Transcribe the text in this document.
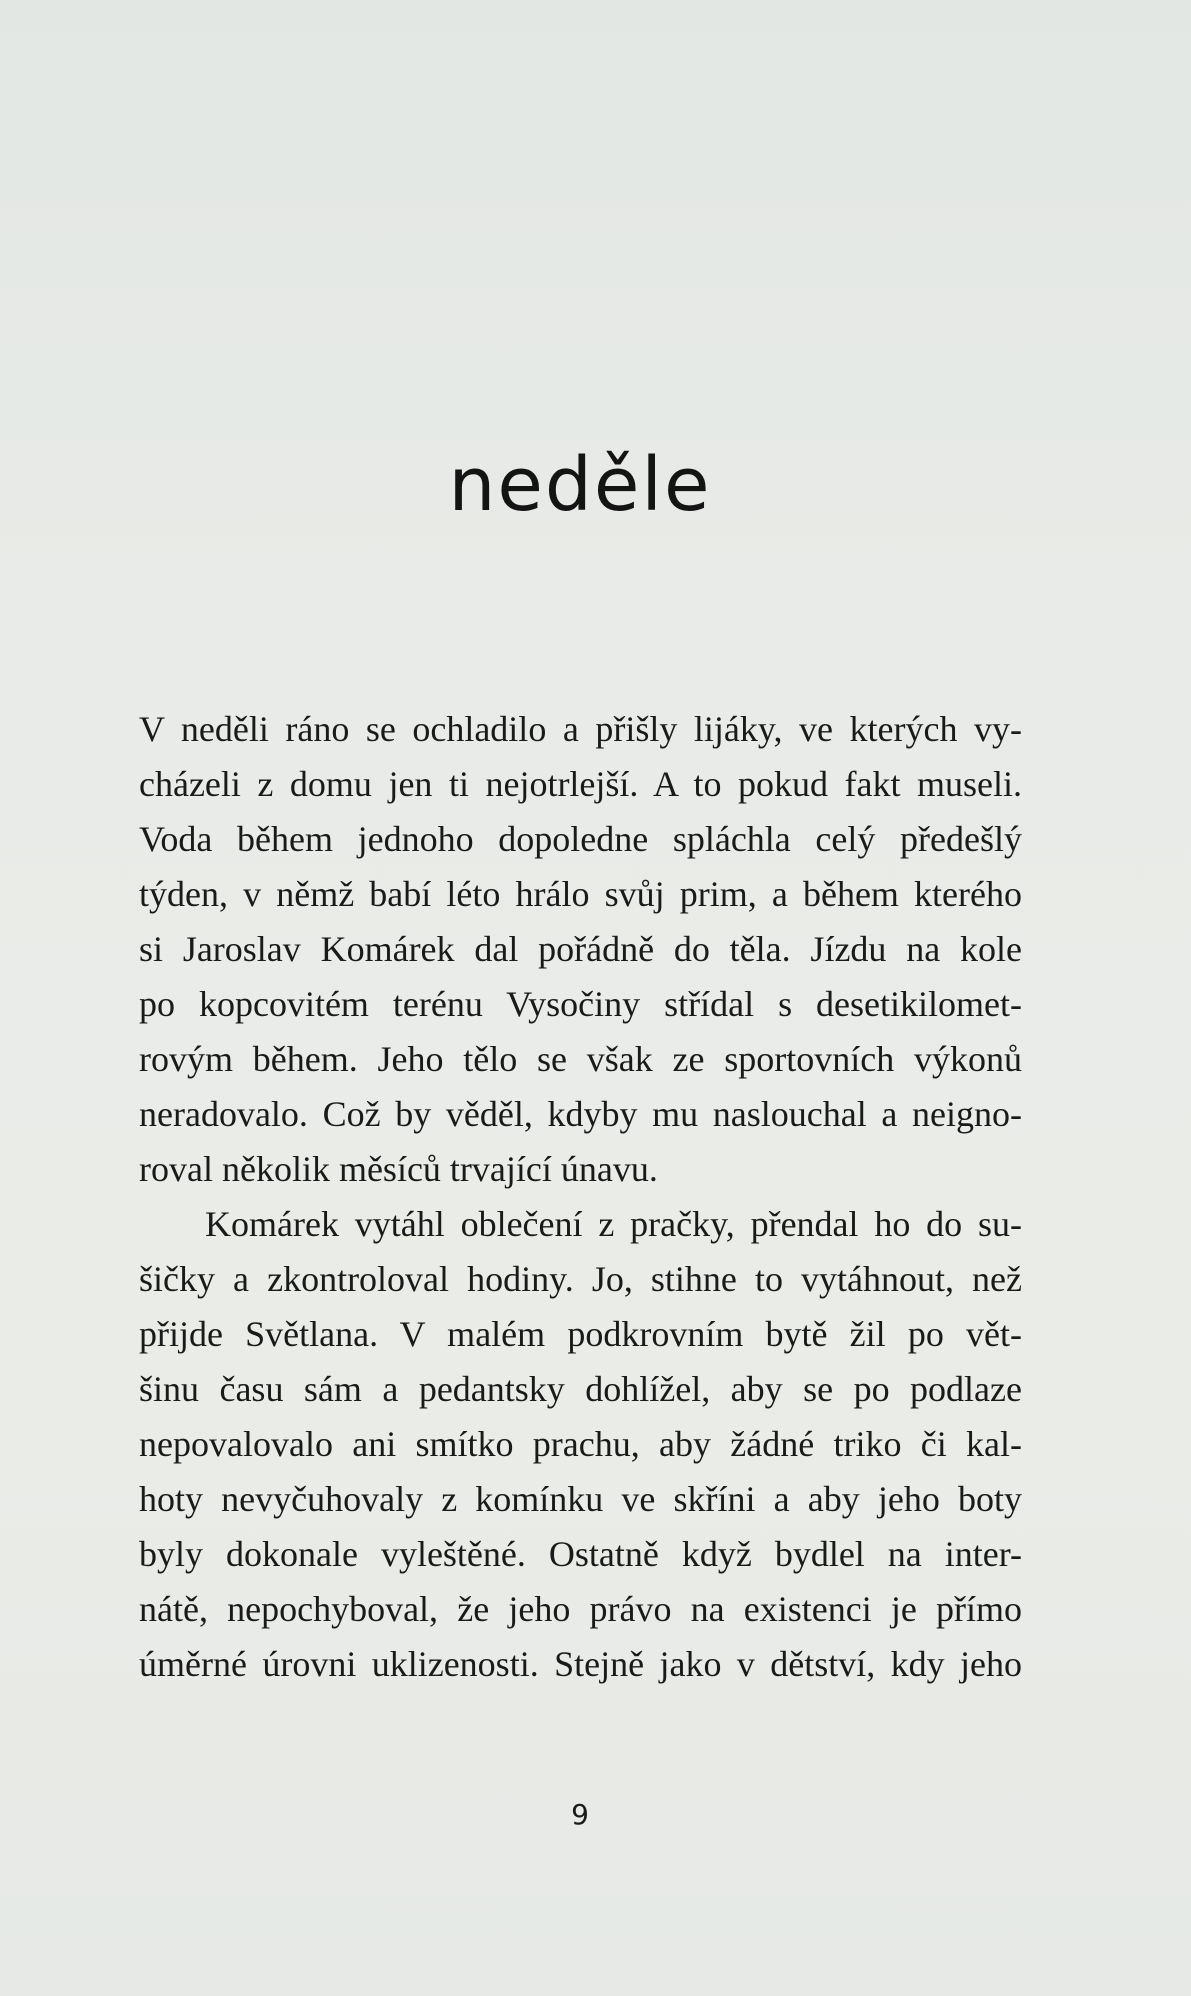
neděle
V neděli ráno se ochladilo a přišly lijáky, ve kterých vy-
cházeli z domu jen ti nejotrlejší. A to pokud fakt museli.
Voda během jednoho dopoledne spláchla celý předešlý
týden, v němž babí léto hrálo svůj prim, a během kterého
si Jaroslav Komárek dal pořádně do těla. Jízdu na kole
po kopcovitém terénu Vysočiny střídal s desetikilomet-
rovým během. Jeho tělo se však ze sportovních výkonů
neradovalo. Což by věděl, kdyby mu naslouchal a neigno-
roval několik měsíců trvající únavu.
Komárek vytáhl oblečení z pračky, přendal ho do su-
šičky a zkontroloval hodiny. Jo, stihne to vytáhnout, než
přijde Světlana. V malém podkrovním bytě žil po vět-
šinu času sám a pedantsky dohlížel, aby se po podlaze
nepovalovalo ani smítko prachu, aby žádné triko či kal-
hoty nevyčuhovaly z komínku ve skříni a aby jeho boty
byly dokonale vyleštěné. Ostatně když bydlel na inter-
nátě, nepochyboval, že jeho právo na existenci je přímo
úměrné úrovni uklizenosti. Stejně jako v dětství, kdy jeho
9
